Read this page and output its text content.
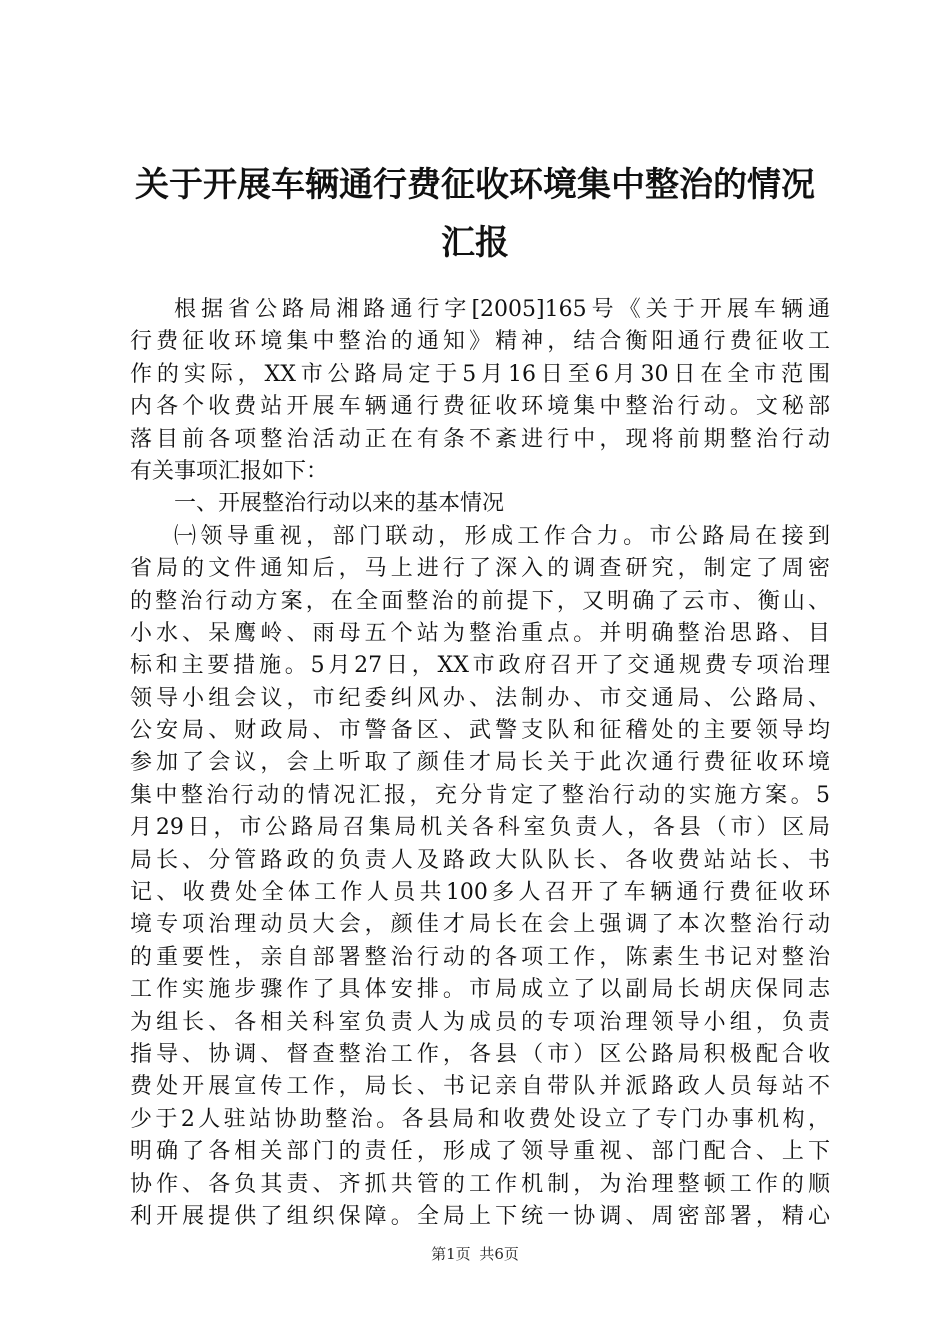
关于开展车辆通行费征收环境集中整治的情况
汇报
根据省公路局湘路通行字[2005]165号《关于开展车辆通
行费征收环境集中整治的通知》精神，结合衡阳通行费征收工
作的实际，XX市公路局定于5月16日至6月30日在全市范围
内各个收费站开展车辆通行费征收环境集中整治行动。文秘部
落目前各项整治活动正在有条不紊进行中，现将前期整治行动
有关事项汇报如下：
一、开展整治行动以来的基本情况
㈠领导重视，部门联动，形成工作合力。市公路局在接到
省局的文件通知后，马上进行了深入的调查研究，制定了周密
的整治行动方案，在全面整治的前提下，又明确了云市、衡山、
小水、呆鹰岭、雨母五个站为整治重点。并明确整治思路、目
标和主要措施。5月27日，XX市政府召开了交通规费专项治理
领导小组会议，市纪委纠风办、法制办、市交通局、公路局、
公安局、财政局、市警备区、武警支队和征稽处的主要领导均
参加了会议，会上听取了颜佳才局长关于此次通行费征收环境
集中整治行动的情况汇报，充分肯定了整治行动的实施方案。5
月29日，市公路局召集局机关各科室负责人，各县（市）区局
局长、分管路政的负责人及路政大队队长、各收费站站长、书
记、收费处全体工作人员共100多人召开了车辆通行费征收环
境专项治理动员大会，颜佳才局长在会上强调了本次整治行动
的重要性，亲自部署整治行动的各项工作，陈素生书记对整治
工作实施步骤作了具体安排。市局成立了以副局长胡庆保同志
为组长、各相关科室负责人为成员的专项治理领导小组，负责
指导、协调、督查整治工作，各县（市）区公路局积极配合收
费处开展宣传工作，局长、书记亲自带队并派路政人员每站不
少于2人驻站协助整治。各县局和收费处设立了专门办事机构，
明确了各相关部门的责任，形成了领导重视、部门配合、上下
协作、各负其责、齐抓共管的工作机制，为治理整顿工作的顺
利开展提供了组织保障。全局上下统一协调、周密部署，精心
第1页 共6页
